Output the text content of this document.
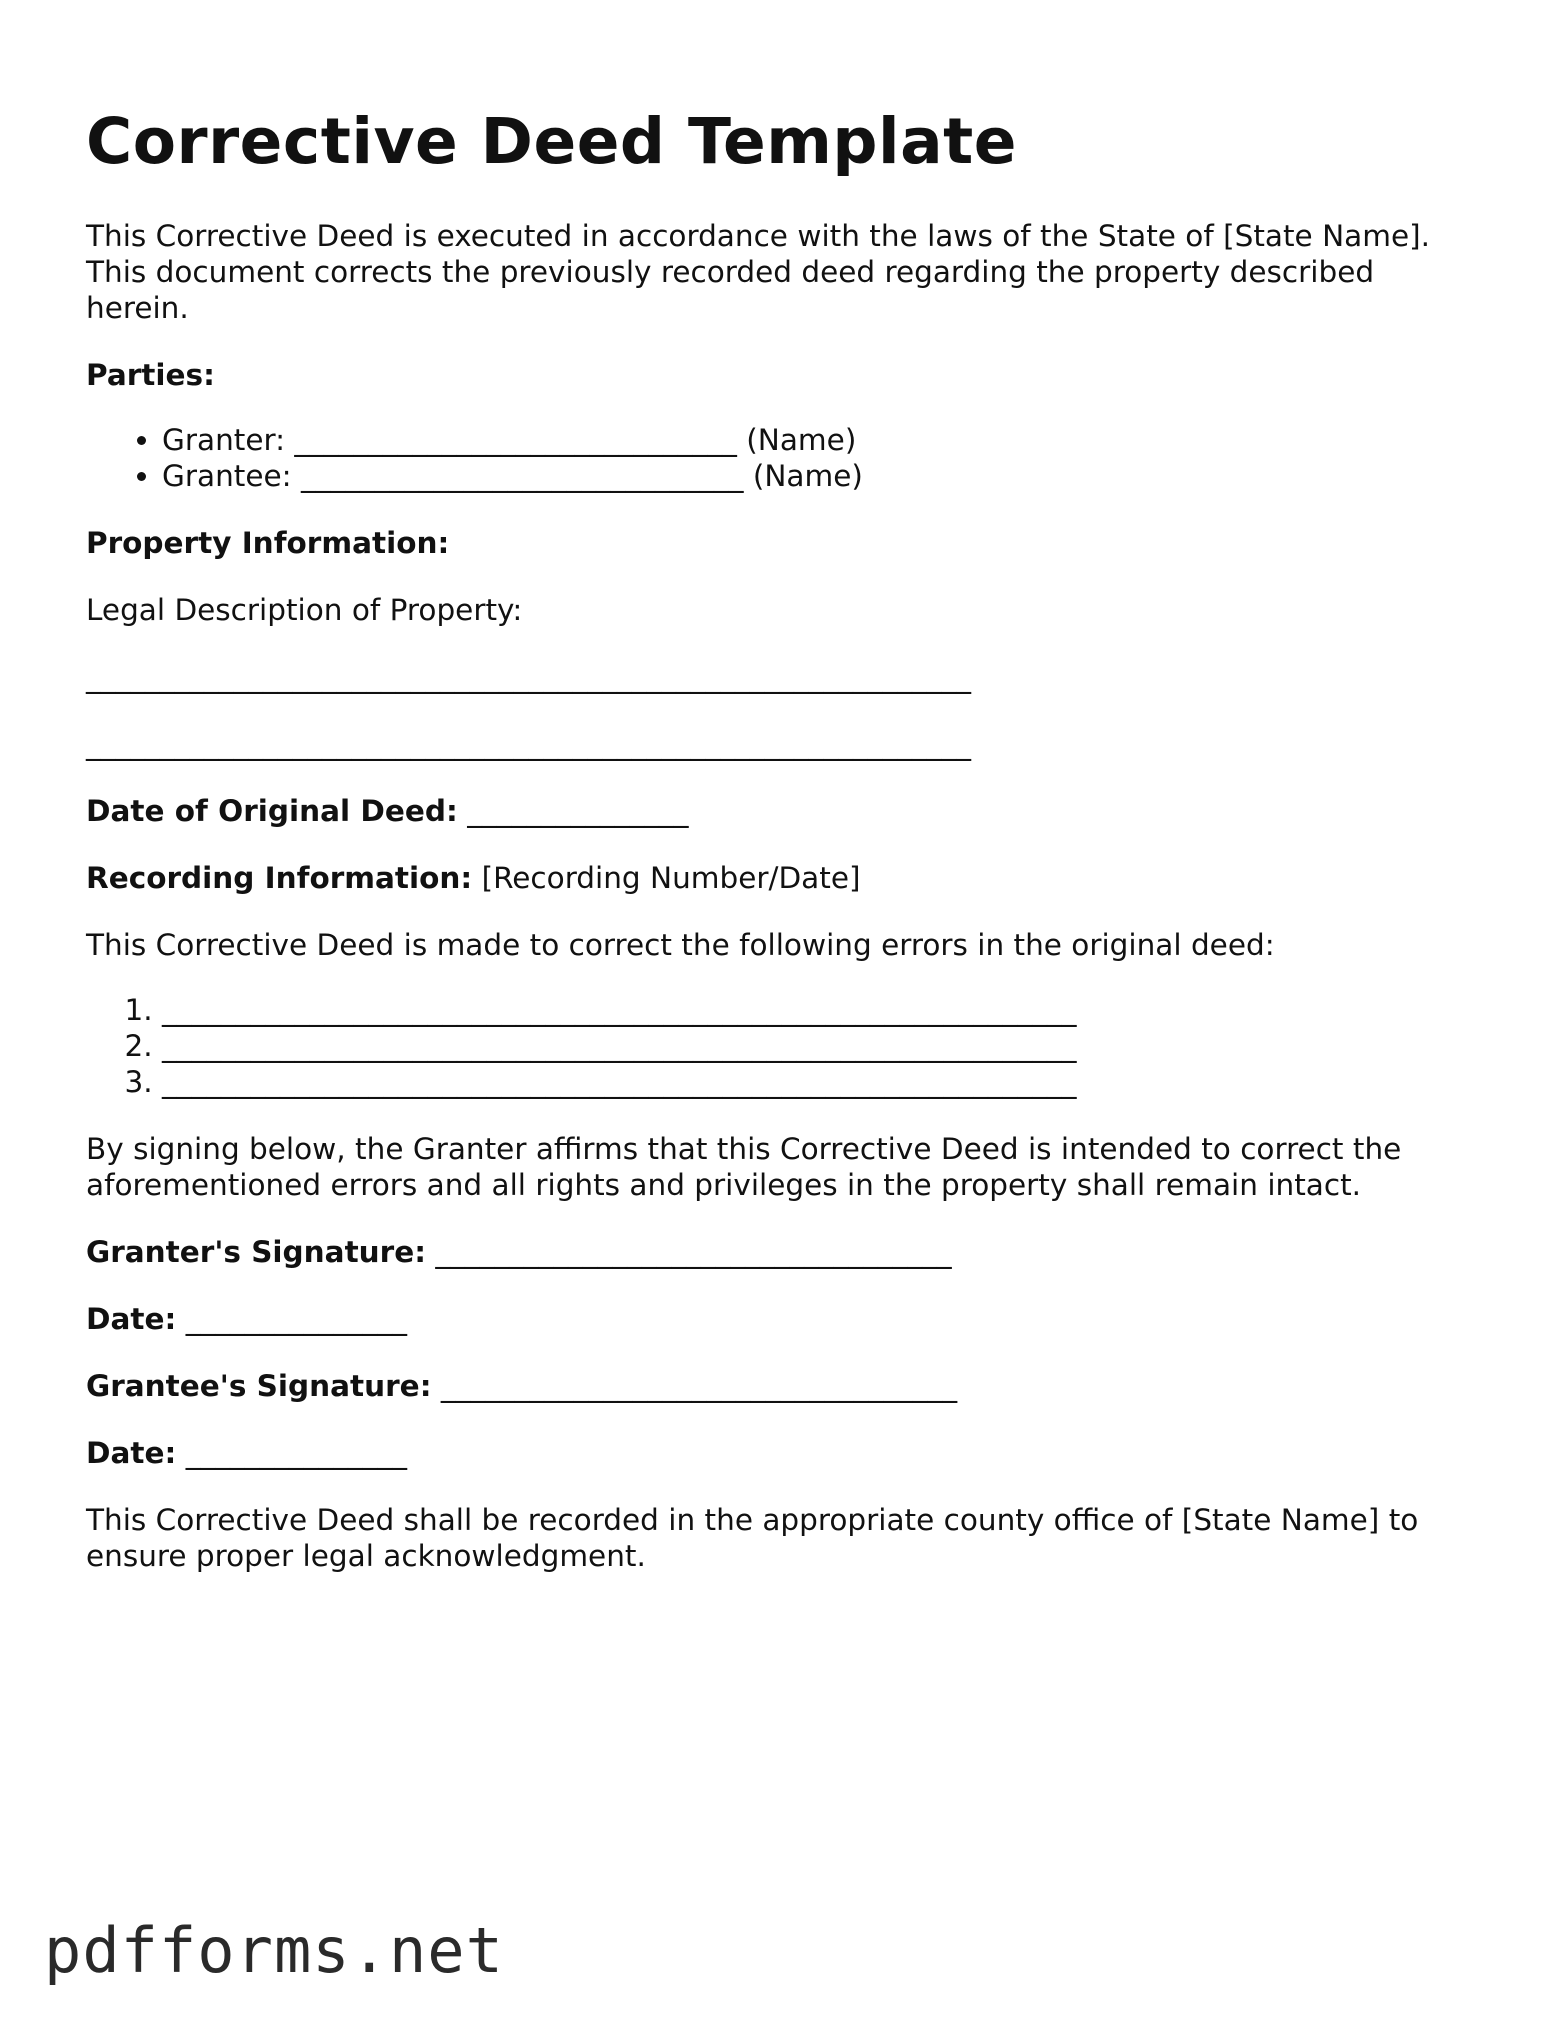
Corrective Deed Template

This Corrective Deed is executed in accordance with the laws of the State of [State Name]. This document corrects the previously recorded deed regarding the property described herein.

Parties:

• Granter: ______________________________ (Name)
• Grantee: ______________________________ (Name)

Property Information:

Legal Description of Property:

____________________________________________________________

____________________________________________________________

Date of Original Deed: _______________

Recording Information: [Recording Number/Date]

This Corrective Deed is made to correct the following errors in the original deed:

1. ______________________________________________________________
2. ______________________________________________________________
3. ______________________________________________________________

By signing below, the Granter affirms that this Corrective Deed is intended to correct the aforementioned errors and all rights and privileges in the property shall remain intact.

Granter's Signature: ___________________________________

Date: _______________

Grantee's Signature: ___________________________________

Date: _______________

This Corrective Deed shall be recorded in the appropriate county office of [State Name] to ensure proper legal acknowledgment.

pdfforms.net
